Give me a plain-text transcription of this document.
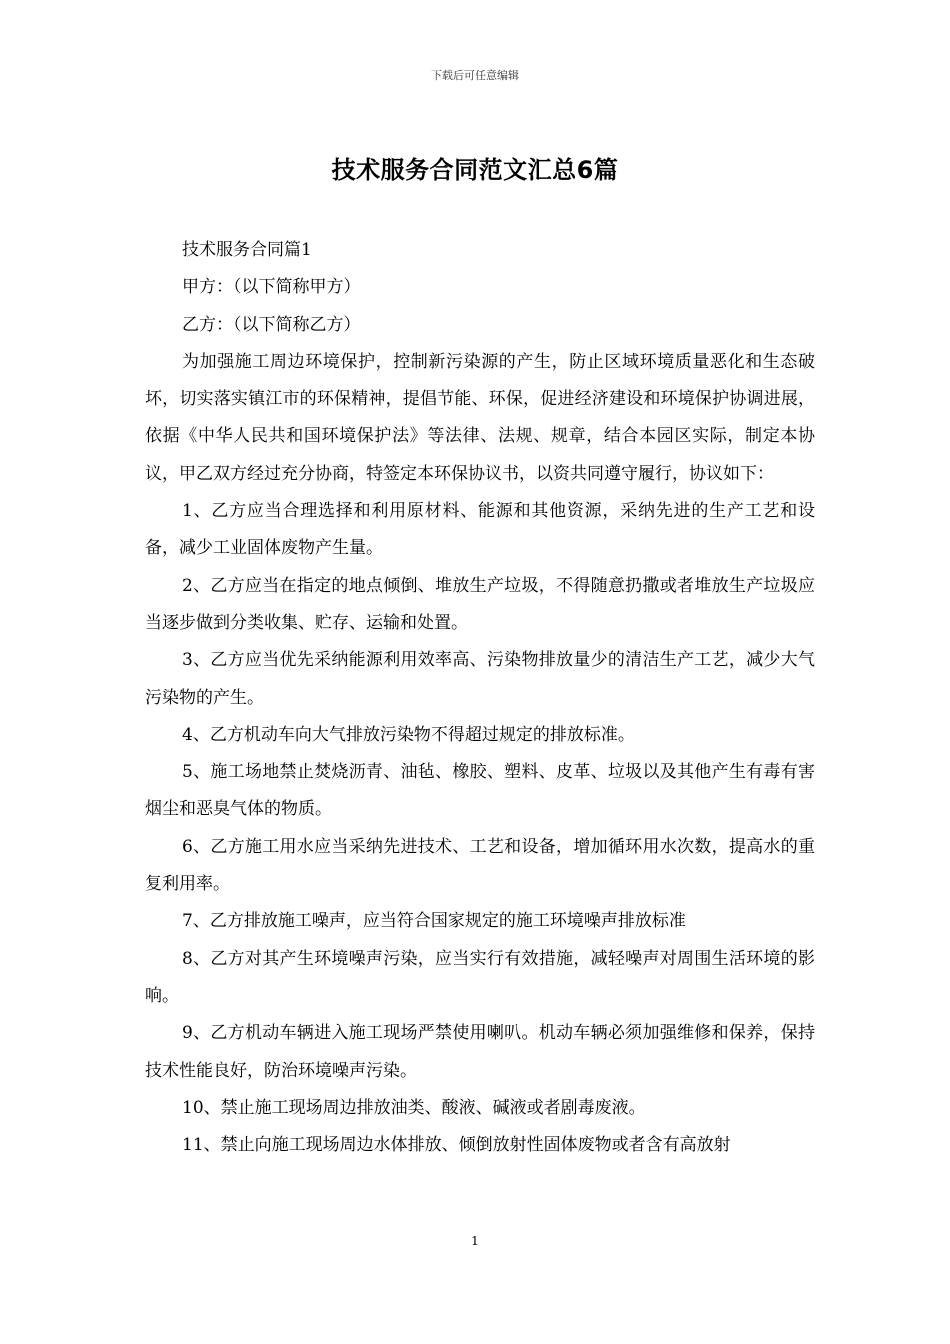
下载后可任意编辑
技术服务合同范文汇总6篇

技术服务合同篇1

甲方：（以下简称甲方）

乙方：（以下简称乙方）

为加强施工周边环境保护，控制新污染源的产生，防止区域环境质量恶化和生态破坏，切实落实镇江市的环保精神，提倡节能、环保，促进经济建设和环境保护协调进展，依据《中华人民共和国环境保护法》等法律、法规、规章，结合本园区实际，制定本协议，甲乙双方经过充分协商，特签定本环保协议书，以资共同遵守履行，协议如下：

1、乙方应当合理选择和利用原材料、能源和其他资源，采纳先进的生产工艺和设备，减少工业固体废物产生量。

2、乙方应当在指定的地点倾倒、堆放生产垃圾，不得随意扔撒或者堆放生产垃圾应当逐步做到分类收集、贮存、运输和处置。

3、乙方应当优先采纳能源利用效率高、污染物排放量少的清洁生产工艺，减少大气污染物的产生。

4、乙方机动车向大气排放污染物不得超过规定的排放标准。

5、施工场地禁止焚烧沥青、油毡、橡胶、塑料、皮革、垃圾以及其他产生有毒有害烟尘和恶臭气体的物质。

6、乙方施工用水应当采纳先进技术、工艺和设备，增加循环用水次数，提高水的重复利用率。

7、乙方排放施工噪声，应当符合国家规定的施工环境噪声排放标准

8、乙方对其产生环境噪声污染，应当实行有效措施，减轻噪声对周围生活环境的影响。

9、乙方机动车辆进入施工现场严禁使用喇叭。机动车辆必须加强维修和保养，保持技术性能良好，防治环境噪声污染。

10、禁止施工现场周边排放油类、酸液、碱液或者剧毒废液。

11、禁止向施工现场周边水体排放、倾倒放射性固体废物或者含有高放射

1
